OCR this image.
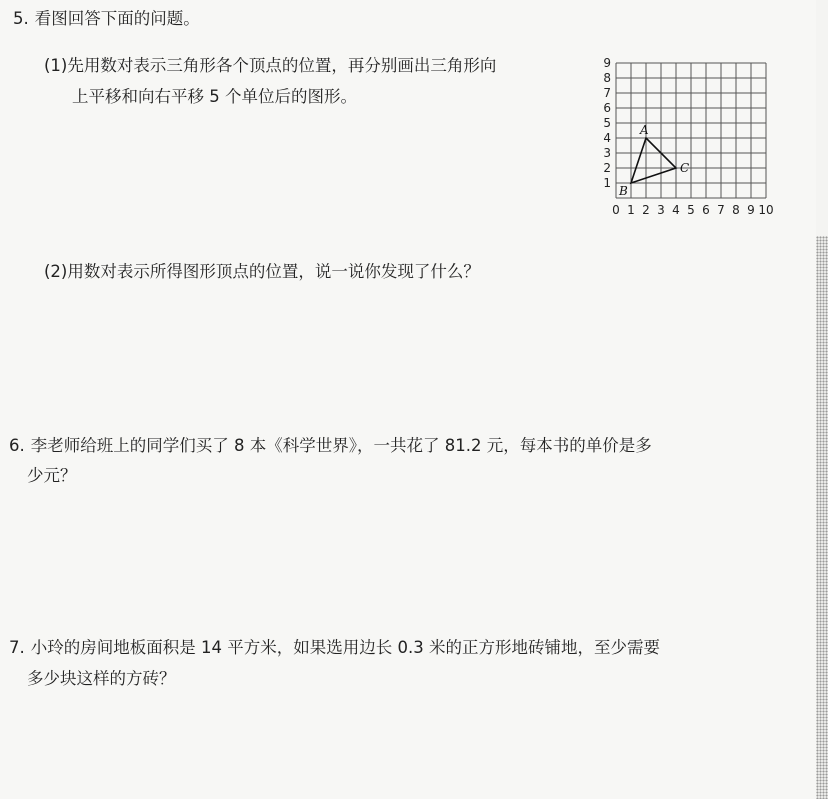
5. 看图回答下面的问题。
(1)先用数对表示三角形各个顶点的位置，再分别画出三角形向
上平移和向右平移 5 个单位后的图形。
0 1 2 3 4 5 6 7 8 9 10
1
2
3
4
5
6
7
8
9
A
B
C
(2)用数对表示所得图形顶点的位置，说一说你发现了什么？
6. 李老师给班上的同学们买了 8 本《科学世界》，一共花了 81.2 元，每本书的单价是多
少元？
7. 小玲的房间地板面积是 14 平方米，如果选用边长 0.3 米的正方形地砖铺地，至少需要
多少块这样的方砖？
